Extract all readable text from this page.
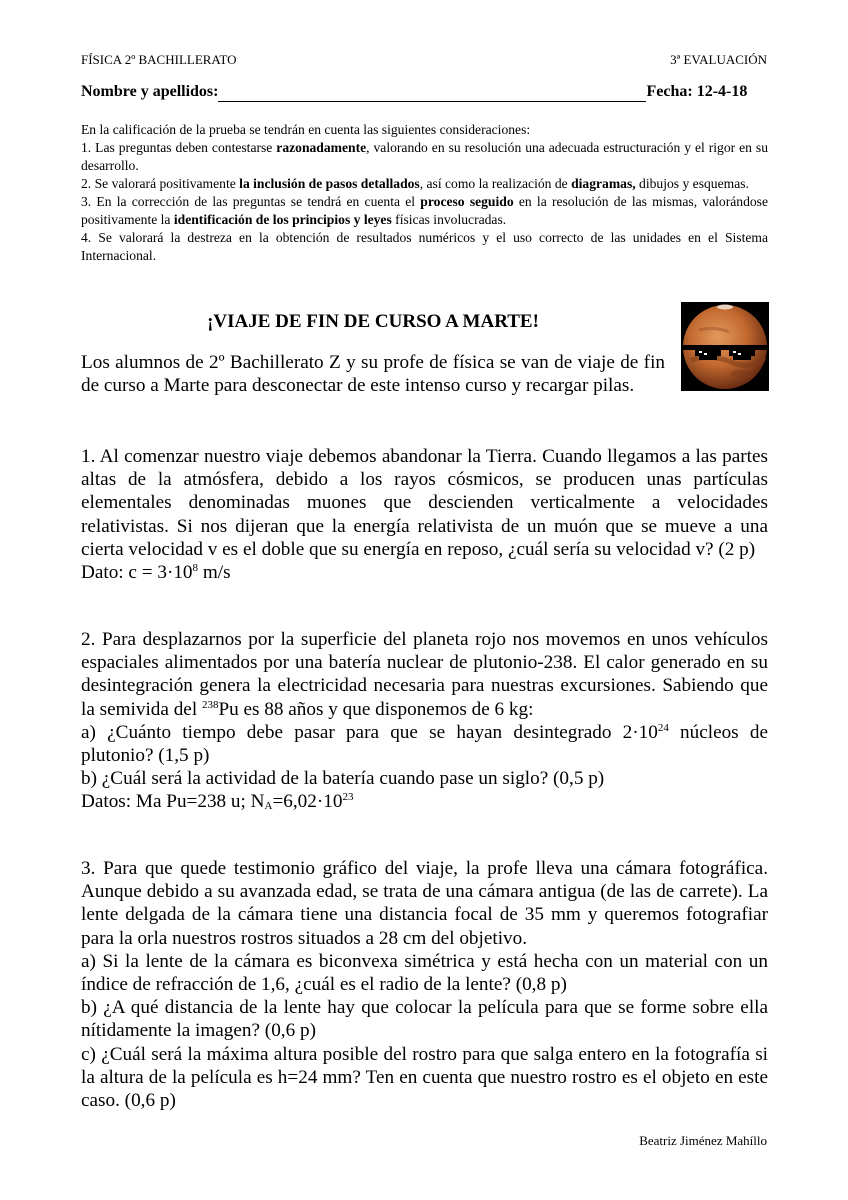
FÍSICA 2º BACHILLERATO	3ª EVALUACIÓN
Nombre y apellidos:	Fecha: 12-4-18

En la calificación de la prueba se tendrán en cuenta las siguientes consideraciones:

1. Las preguntas deben contestarse razonadamente, valorando en su resolución una adecuada estructuración y el rigor en su desarrollo.

2. Se valorará positivamente la inclusión de pasos detallados, así como la realización de diagramas, dibujos y esquemas.

3. En la corrección de las preguntas se tendrá en cuenta el proceso seguido en la resolución de las mismas, valorándose positivamente la identificación de los principios y leyes físicas involucradas.

4. Se valorará la destreza en la obtención de resultados numéricos y el uso correcto de las unidades en el Sistema Internacional.

¡VIAJE DE FIN DE CURSO A MARTE!

Los alumnos de 2º Bachillerato Z y su profe de física se van de viaje de fin de curso a Marte para desconectar de este intenso curso y recargar pilas.

1. Al comenzar nuestro viaje debemos abandonar la Tierra. Cuando llegamos a las partes altas de la atmósfera, debido a los rayos cósmicos, se producen unas partículas elementales denominadas muones que descienden verticalmente a velocidades relativistas. Si nos dijeran que la energía relativista de un muón que se mueve a una cierta velocidad v es el doble que su energía en reposo, ¿cuál sería su velocidad v? (2 p)

Dato: $c = 3\cdot 10^8$ m/s

2. Para desplazarnos por la superficie del planeta rojo nos movemos en unos vehículos espaciales alimentados por una batería nuclear de plutonio-238. El calor generado en su desintegración genera la electricidad necesaria para nuestras excursiones. Sabiendo que la semivida del $^{238}$Pu es 88 años y que disponemos de 6 kg:

a) ¿Cuánto tiempo debe pasar para que se hayan desintegrado $2\cdot 10^{24}$ núcleos de plutonio? (1,5 p)

b) ¿Cuál será la actividad de la batería cuando pase un siglo? (0,5 p)

Datos: Ma Pu=238 u; $N_A=6,02\cdot 10^{23}$

3. Para que quede testimonio gráfico del viaje, la profe lleva una cámara fotográfica. Aunque debido a su avanzada edad, se trata de una cámara antigua (de las de carrete). La lente delgada de la cámara tiene una distancia focal de 35 mm y queremos fotografiar para la orla nuestros rostros situados a 28 cm del objetivo.

a) Si la lente de la cámara es biconvexa simétrica y está hecha con un material con un índice de refracción de 1,6, ¿cuál es el radio de la lente? (0,8 p)

b) ¿A qué distancia de la lente hay que colocar la película para que se forme sobre ella nítidamente la imagen? (0,6 p)

c) ¿Cuál será la máxima altura posible del rostro para que salga entero en la fotografía si la altura de la película es h=24 mm? Ten en cuenta que nuestro rostro es el objeto en este caso. (0,6 p)

Beatriz Jiménez Mahíllo
